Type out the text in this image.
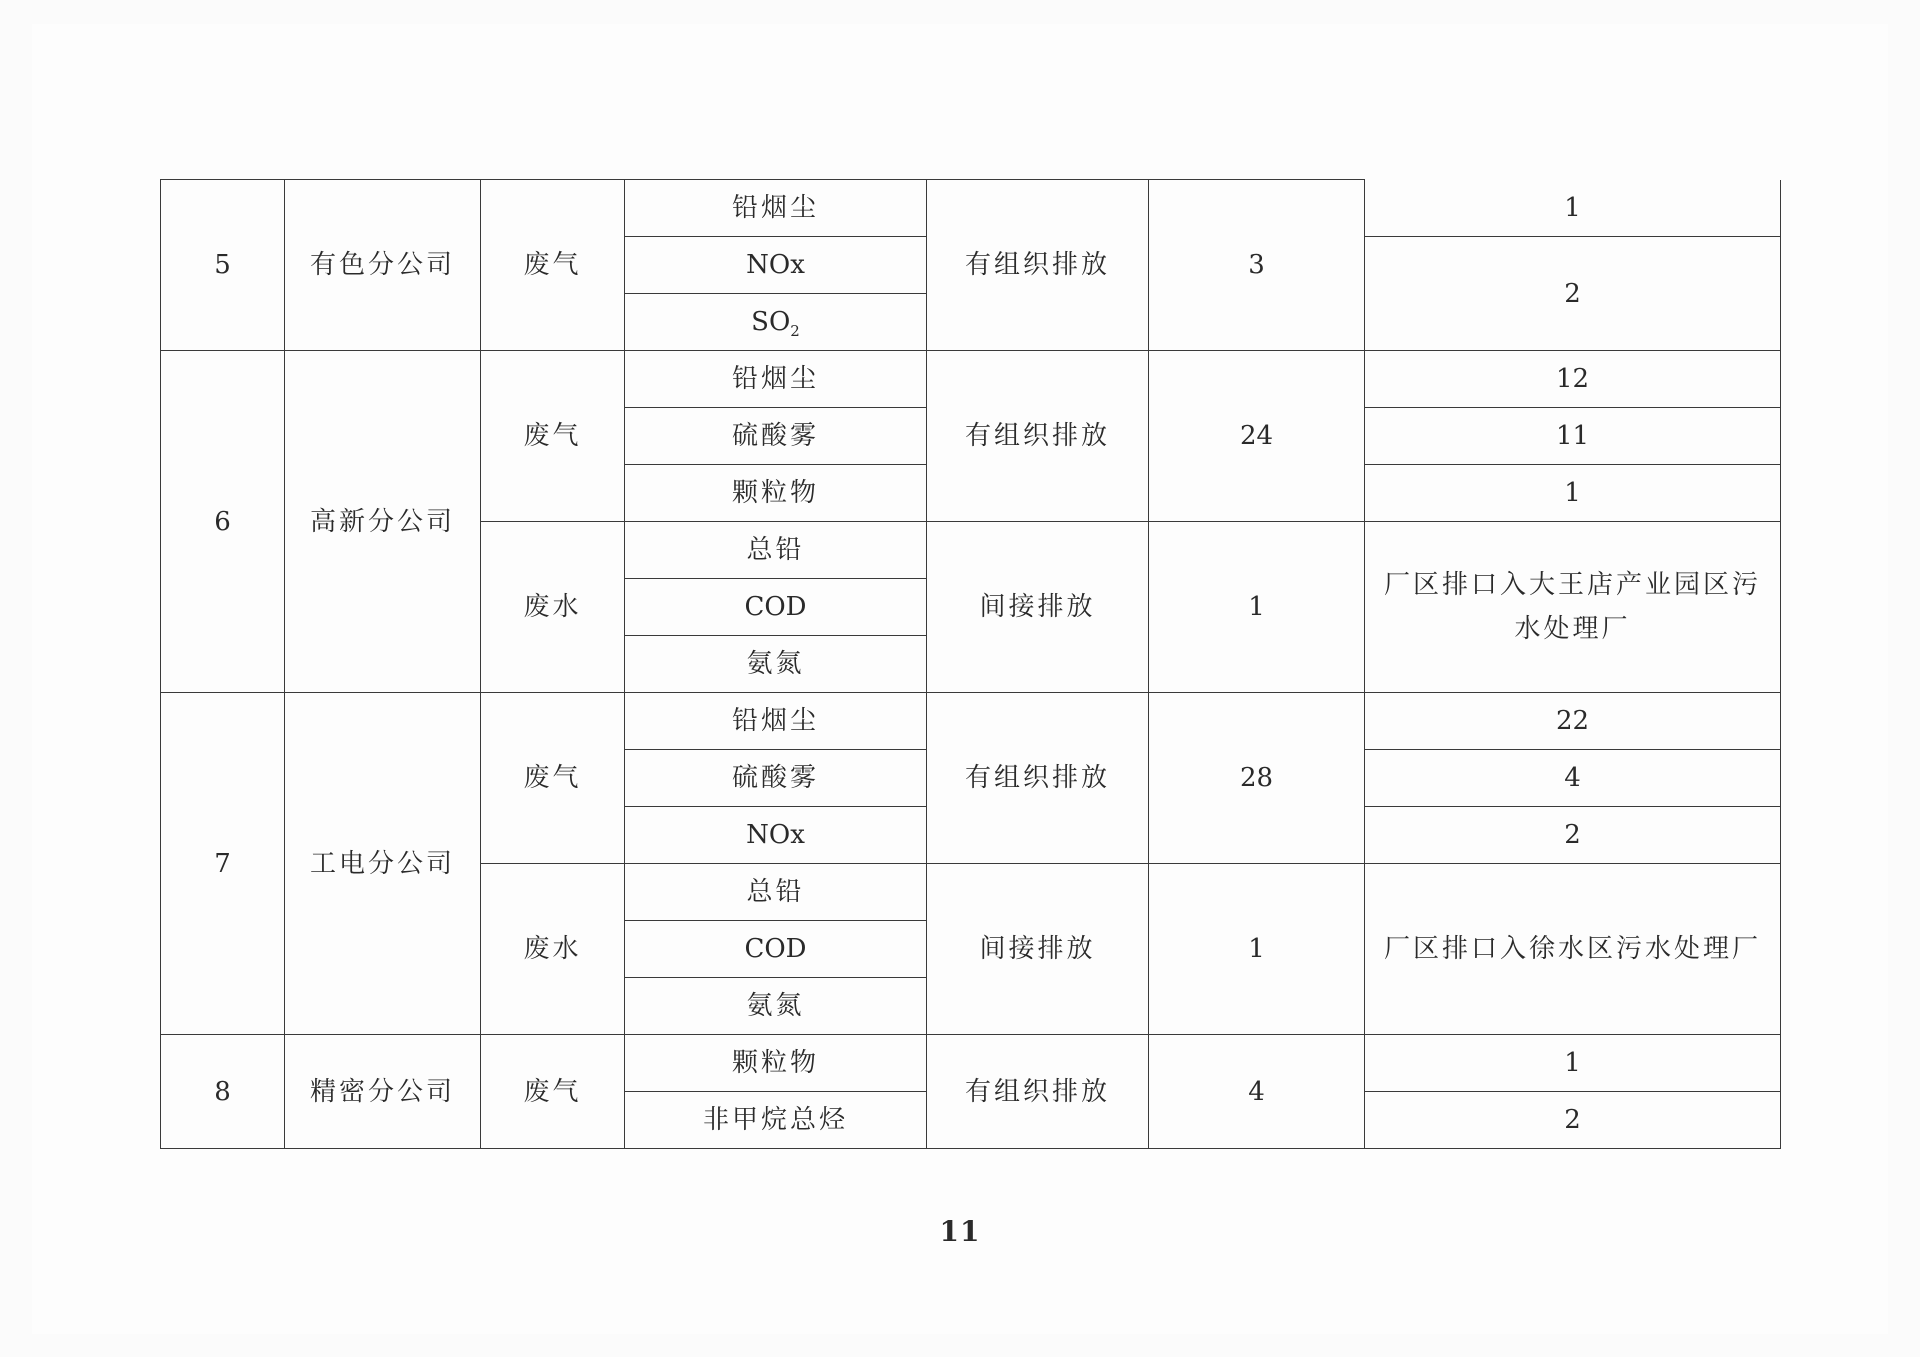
5	有色分公司	废气	铅烟尘	有组织排放	3	1
			NOx			2
			$SO_2$
6	高新分公司	废气	铅烟尘	有组织排放	24	12
			硫酸雾			11
			颗粒物			1
		废水	总铅	间接排放	1	厂区排口入大王店产业园区污水处理厂
			COD			
			氨氮			
7	工电分公司	废气	铅烟尘	有组织排放	28	22
			硫酸雾			4
			NOx			2
		废水	总铅	间接排放	1	厂区排口入徐水区污水处理厂
			COD			
			氨氮			
8	精密分公司	废气	颗粒物	有组织排放	4	1
			非甲烷总烃			2
11
